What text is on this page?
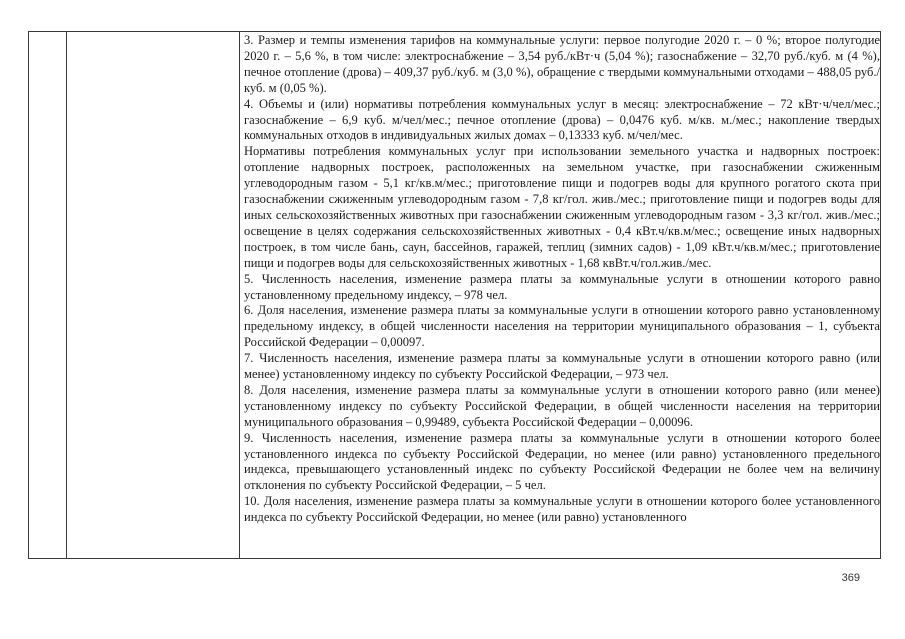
3. Размер и темпы изменения тарифов на коммунальные услуги: первое полугодие 2020 г. – 0 %; второе полугодие 2020 г. – 5,6 %, в том числе: электроснабжение – 3,54 руб./кВт·ч (5,04 %); газоснабжение – 32,70 руб./куб. м (4 %), печное отопление (дрова) – 409,37 руб./куб. м (3,0 %), обращение с твердыми коммунальными отходами – 488,05 руб./куб. м (0,05 %).

4. Объемы и (или) нормативы потребления коммунальных услуг в месяц: электроснабжение – 72 кВт·ч/чел/мес.; газоснабжение – 6,9 куб. м/чел/мес.; печное отопление (дрова) – 0,0476 куб. м/кв. м./мес.; накопление твердых коммунальных отходов в индивидуальных жилых домах – 0,13333 куб. м/чел/мес.

Нормативы потребления коммунальных услуг при использовании земельного участка и надворных построек: отопление надворных построек, расположенных на земельном участке, при газоснабжении сжиженным углеводородным газом - 5,1 кг/кв.м/мес.; приготовление пищи и подогрев воды для крупного рогатого скота при газоснабжении сжиженным углеводородным газом - 7,8 кг/гол. жив./мес.; приготовление пищи и подогрев воды для иных сельскохозяйственных животных при газоснабжении сжиженным углеводородным газом - 3,3 кг/гол. жив./мес.; освещение в целях содержания сельскохозяйственных животных - 0,4 кВт.ч/кв.м/мес.; освещение иных надворных построек, в том числе бань, саун, бассейнов, гаражей, теплиц (зимних садов) - 1,09 кВт.ч/кв.м/мес.; приготовление пищи и подогрев воды для сельскохозяйственных животных - 1,68 квВт.ч/гол.жив./мес.

5. Численность населения, изменение размера платы за коммунальные услуги в отношении которого равно установленному предельному индексу, – 978 чел.

6. Доля населения, изменение размера платы за коммунальные услуги в отношении которого равно установленному предельному индексу, в общей численности населения на территории муниципального образования – 1, субъекта Российской Федерации – 0,00097.

7. Численность населения, изменение размера платы за коммунальные услуги в отношении которого равно (или менее) установленному индексу по субъекту Российской Федерации, – 973 чел.

8. Доля населения, изменение размера платы за коммунальные услуги в отношении которого равно (или менее) установленному индексу по субъекту Российской Федерации, в общей численности населения на территории муниципального образования – 0,99489, субъекта Российской Федерации – 0,00096.

9. Численность населения, изменение размера платы за коммунальные услуги в отношении которого более установленного индекса по субъекту Российской Федерации, но менее (или равно) установленного предельного индекса, превышающего установленный индекс по субъекту Российской Федерации не более чем на величину отклонения по субъекту Российской Федерации, – 5 чел.

10. Доля населения, изменение размера платы за коммунальные услуги в отношении которого более установленного индекса по субъекту Российской Федерации, но менее (или равно) установленного

369
